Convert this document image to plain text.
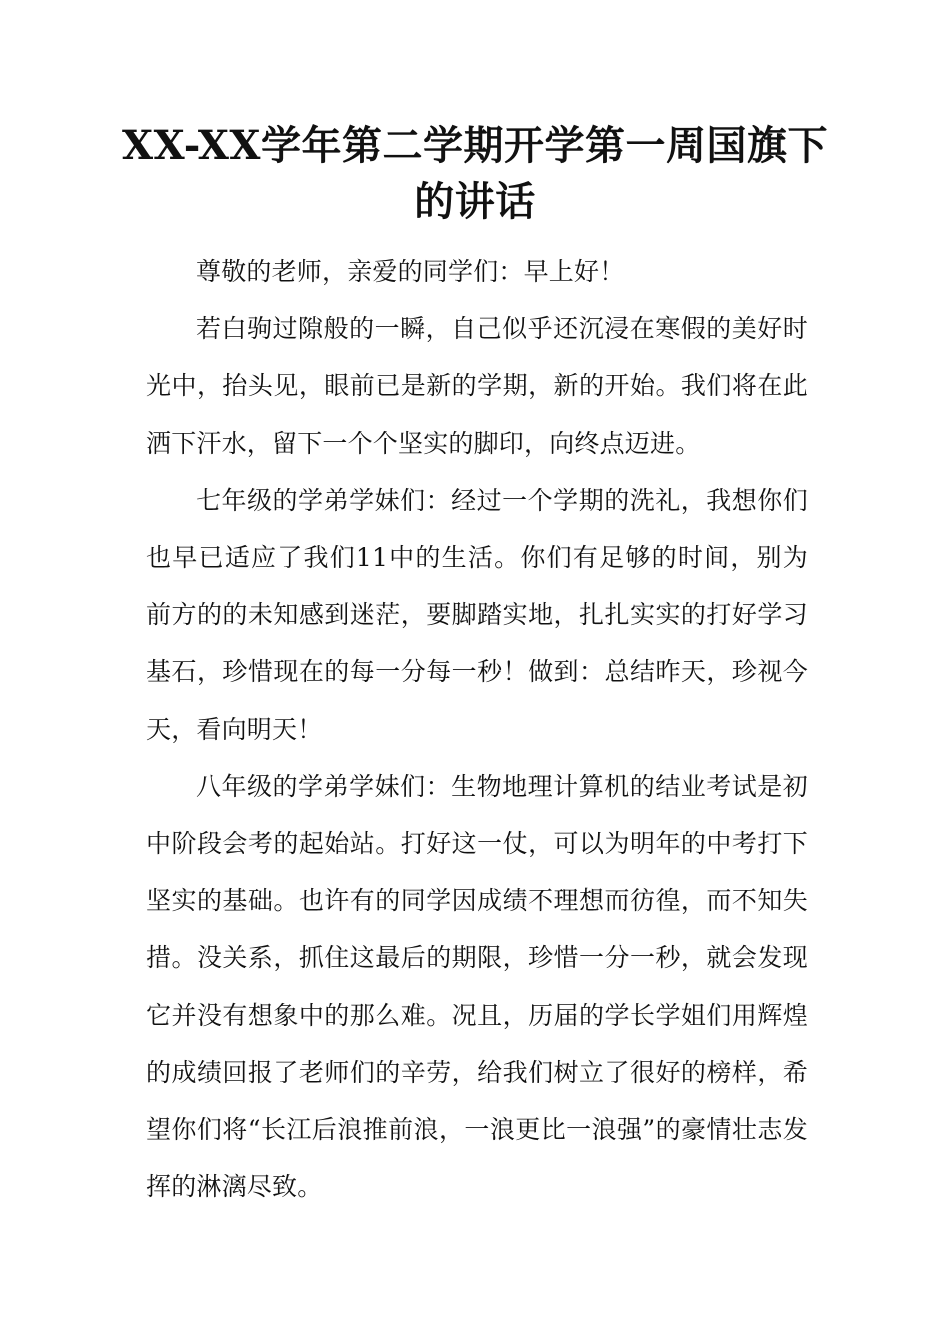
XX-XX学年第二学期开学第一周国旗下
的讲话

尊敬的老师，亲爱的同学们：早上好！

若白驹过隙般的一瞬，自己似乎还沉浸在寒假的美好时光中，抬头见，眼前已是新的学期，新的开始。我们将在此洒下汗水，留下一个个坚实的脚印，向终点迈进。

七年级的学弟学妹们：经过一个学期的洗礼，我想你们也早已适应了我们11中的生活。你们有足够的时间，别为前方的的未知感到迷茫，要脚踏实地，扎扎实实的打好学习基石，珍惜现在的每一分每一秒！做到：总结昨天，珍视今天，看向明天！

八年级的学弟学妹们：生物地理计算机的结业考试是初中阶段会考的起始站。打好这一仗，可以为明年的中考打下坚实的基础。也许有的同学因成绩不理想而彷徨，而不知失措。没关系，抓住这最后的期限，珍惜一分一秒，就会发现它并没有想象中的那么难。况且，历届的学长学姐们用辉煌的成绩回报了老师们的辛劳，给我们树立了很好的榜样，希望你们将“长江后浪推前浪，一浪更比一浪强”的豪情壮志发挥的淋漓尽致。
